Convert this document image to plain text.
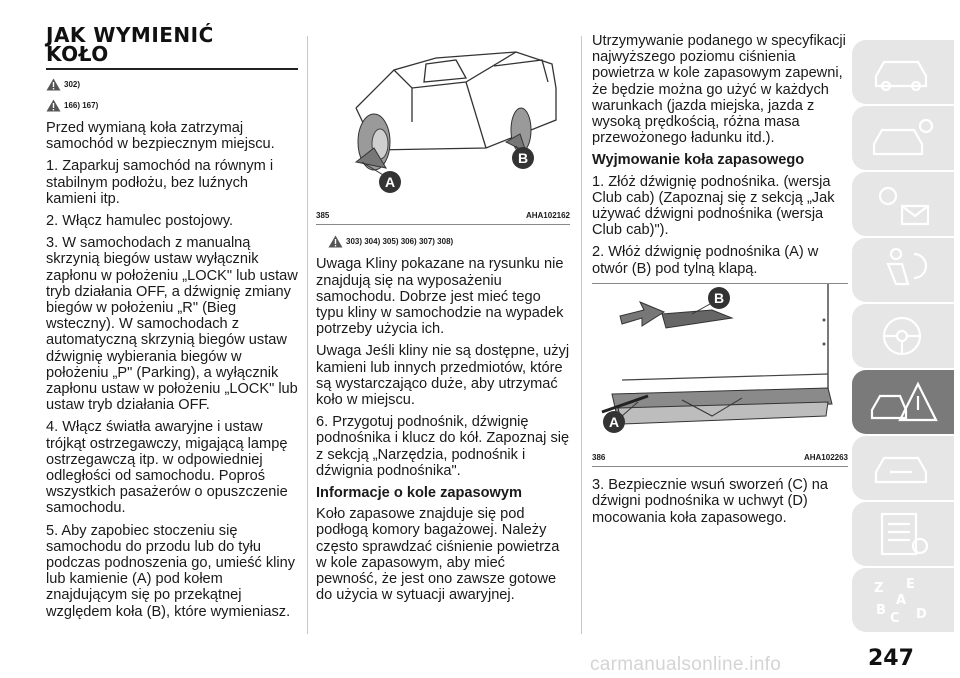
JAK WYMIENIĆ
KOŁO
302)
166) 167)

Przed wymianą koła zatrzymaj samochód w bezpiecznym miejscu.

1. Zaparkuj samochód na równym i stabilnym podłożu, bez luźnych kamieni itp.

2. Włącz hamulec postojowy.

3. W samochodach z manualną skrzynią biegów ustaw wyłącznik zapłonu w położeniu „LOCK" lub ustaw tryb działania OFF, a dźwignię zmiany biegów w położeniu „R" (Bieg wsteczny). W samochodach z automatyczną skrzynią biegów ustaw dźwignię wybierania biegów w położeniu „P" (Parking), a wyłącznik zapłonu ustaw w położeniu „LOCK" lub ustaw tryb działania OFF.

4. Włącz światła awaryjne i ustaw trójkąt ostrzegawczy, migającą lampę ostrzegawczą itp. w odpowiedniej odległości od samochodu. Poproś wszystkich pasażerów o opuszczenie samochodu.

5. Aby zapobiec stoczeniu się samochodu do przodu lub do tyłu podczas podnoszenia go, umieść kliny lub kamienie (A) pod kołem znajdującym się po przekątnej względem koła (B), które wymieniasz.

A
B
385	AHA102162
303) 304) 305) 306) 307) 308)

Uwaga Kliny pokazane na rysunku nie znajdują się na wyposażeniu samochodu. Dobrze jest mieć tego typu kliny w samochodzie na wypadek potrzeby użycia ich.

Uwaga Jeśli kliny nie są dostępne, użyj kamieni lub innych przedmiotów, które są wystarczająco duże, aby utrzymać koło w miejscu.

6. Przygotuj podnośnik, dźwignię podnośnika i klucz do kół. Zapoznaj się z sekcją „Narzędzia, podnośnik i dźwignia podnośnika".

Informacje o kole zapasowym

Koło zapasowe znajduje się pod podłogą komory bagażowej. Należy często sprawdzać ciśnienie powietrza w kole zapasowym, aby mieć pewność, że jest ono zawsze gotowe do użycia w sytuacji awaryjnej.

Utrzymywanie podanego w specyfikacji najwyższego poziomu ciśnienia powietrza w kole zapasowym zapewni, że będzie można go użyć w każdych warunkach (jazda miejska, jazda z wysoką prędkością, różna masa przewożonego ładunku itd.).

Wyjmowanie koła zapasowego

1. Złóż dźwignię podnośnika. (wersja Club cab) (Zapoznaj się z sekcją „Jak używać dźwigni podnośnika (wersja Club cab)").

2. Włóż dźwignię podnośnika (A) w otwór (B) pod tylną klapą.

B
A
386	AHA102263

3. Bezpiecznie wsuń sworzeń (C) na dźwigni podnośnika w uchwyt (D) mocowania koła zapasowego.

Z E
B
A
D
C
247
carmanualsonline.info
